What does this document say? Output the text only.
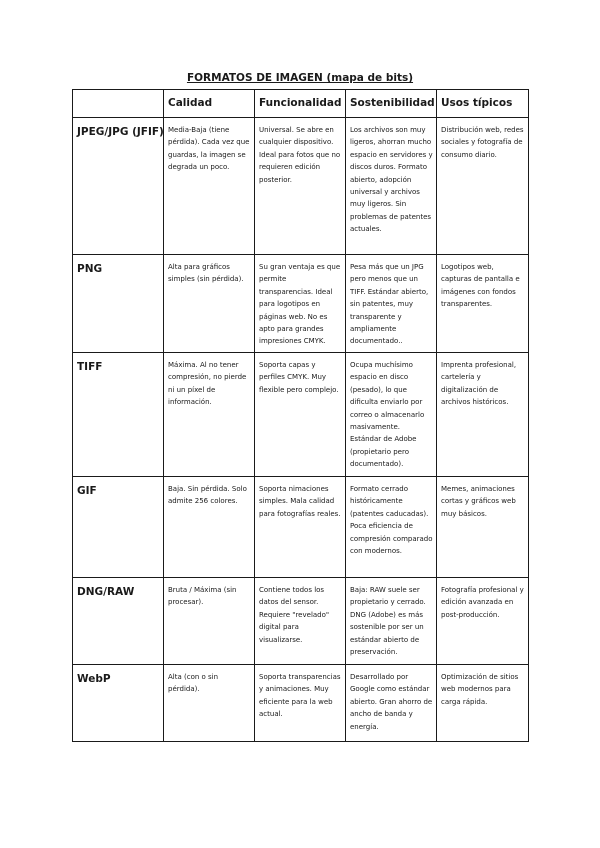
FORMATOS DE IMAGEN (mapa de bits)
	Calidad	Funcionalidad	Sostenibilidad	Usos típicos
JPEG/JPG (JFIF)	Media-Baja (tiene pérdida). Cada vez que guardas, la imagen se degrada un poco.	Universal. Se abre en cualquier dispositivo. Ideal para fotos que no requieren edición posterior.	Los archivos son muy ligeros, ahorran mucho espacio en servidores y discos duros. Formato abierto, adopción universal y archivos muy ligeros. Sin problemas de patentes actuales.	Distribución web, redes sociales y fotografía de consumo diario.
PNG	Alta para gráficos simples (sin pérdida).	Su gran ventaja es que permite transparencias. Ideal para logotipos en páginas web. No es apto para grandes impresiones CMYK.	Pesa más que un JPG pero menos que un TIFF. Estándar abierto, sin patentes, muy transparente y ampliamente documentado..	Logotipos web, capturas de pantalla e imágenes con fondos transparentes.
TIFF	Máxima. Al no tener compresión, no pierde ni un píxel de información.	Soporta capas y perfiles CMYK. Muy flexible pero complejo.	Ocupa muchísimo espacio en disco (pesado), lo que dificulta enviarlo por correo o almacenarlo masivamente. Estándar de Adobe (propietario pero documentado).	Imprenta profesional, cartelería y digitalización de archivos históricos.
GIF	Baja. Sin pérdida. Solo admite 256 colores.	Soporta nimaciones simples. Mala calidad para fotografías reales.	Formato cerrado históricamente (patentes caducadas). Poca eficiencia de compresión comparado con modernos.	Memes, animaciones cortas y gráficos web muy básicos.
DNG/RAW	Bruta / Máxima (sin procesar).	Contiene todos los datos del sensor. Requiere "revelado" digital para visualizarse.	Baja: RAW suele ser propietario y cerrado. DNG (Adobe) es más sostenible por ser un estándar abierto de preservación.	Fotografía profesional y edición avanzada en post-producción.
WebP	Alta (con o sin pérdida).	Soporta transparencias y animaciones. Muy eficiente para la web actual.	Desarrollado por Google como estándar abierto. Gran ahorro de ancho de banda y energía.	Optimización de sitios web modernos para carga rápida.
